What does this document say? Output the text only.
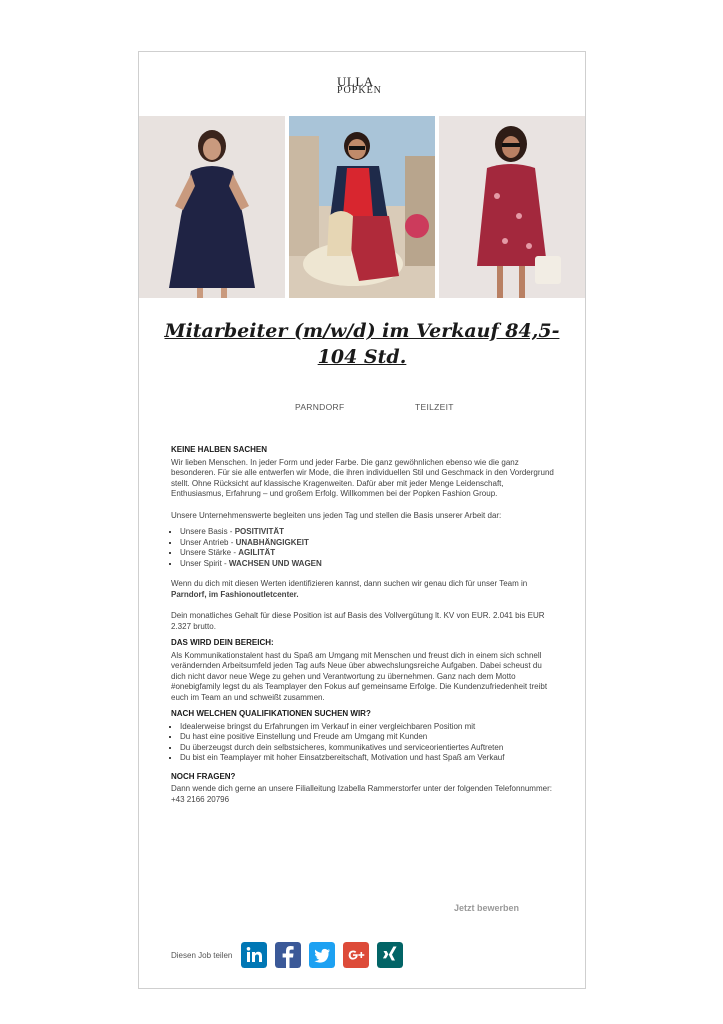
ULLA
POPKEN
Mitarbeiter (m/w/d) im Verkauf 84,5-104 Std.
PARNDORF	TEILZEIT
KEINE HALBEN SACHEN

Wir lieben Menschen. In jeder Form und jeder Farbe. Die ganz gewöhnlichen ebenso wie die ganz besonderen. Für sie alle entwerfen wir Mode, die ihren individuellen Stil und Geschmack in den Vordergrund stellt. Ohne Rücksicht auf klassische Kragenweiten. Dafür aber mit jeder Menge Leidenschaft, Enthusiasmus, Erfahrung – und großem Erfolg. Willkommen bei der Popken Fashion Group.

Unsere Unternehmenswerte begleiten uns jeden Tag und stellen die Basis unserer Arbeit dar:

▪ Unsere Basis - POSITIVITÄT
▪ Unser Antrieb - UNABHÄNGIGKEIT
▪ Unsere Stärke - AGILITÄT
▪ Unser Spirit - WACHSEN UND WAGEN

Wenn du dich mit diesen Werten identifizieren kannst, dann suchen wir genau dich für unser Team in Parndorf, im Fashionoutletcenter.

Dein monatliches Gehalt für diese Position ist auf Basis des Vollvergütung lt. KV von EUR. 2.041 bis EUR 2.327 brutto.

DAS WIRD DEIN BEREICH:

Als Kommunikationstalent hast du Spaß am Umgang mit Menschen und freust dich in einem sich schnell verändernden Arbeitsumfeld jeden Tag aufs Neue über abwechslungsreiche Aufgaben. Dabei scheust du dich nicht davor neue Wege zu gehen und Verantwortung zu übernehmen. Ganz nach dem Motto #onebigfamily legst du als Teamplayer den Fokus auf gemeinsame Erfolge. Die Kundenzufriedenheit treibt euch im Team an und schweißt zusammen.

NACH WELCHEN QUALIFIKATIONEN SUCHEN WIR?
▪ Idealerweise bringst du Erfahrungen im Verkauf in einer vergleichbaren Position mit
▪ Du hast eine positive Einstellung und Freude am Umgang mit Kunden
▪ Du überzeugst durch dein selbstsicheres, kommunikatives und serviceorientiertes Auftreten
▪ Du bist ein Teamplayer mit hoher Einsatzbereitschaft, Motivation und hast Spaß am Verkauf
NOCH FRAGEN?

Dann wende dich gerne an unsere Filialleitung Izabella Rammerstorfer unter der folgenden Telefonnummer: +43 2166 20796

Jetzt bewerben
Diesen Job teilen
